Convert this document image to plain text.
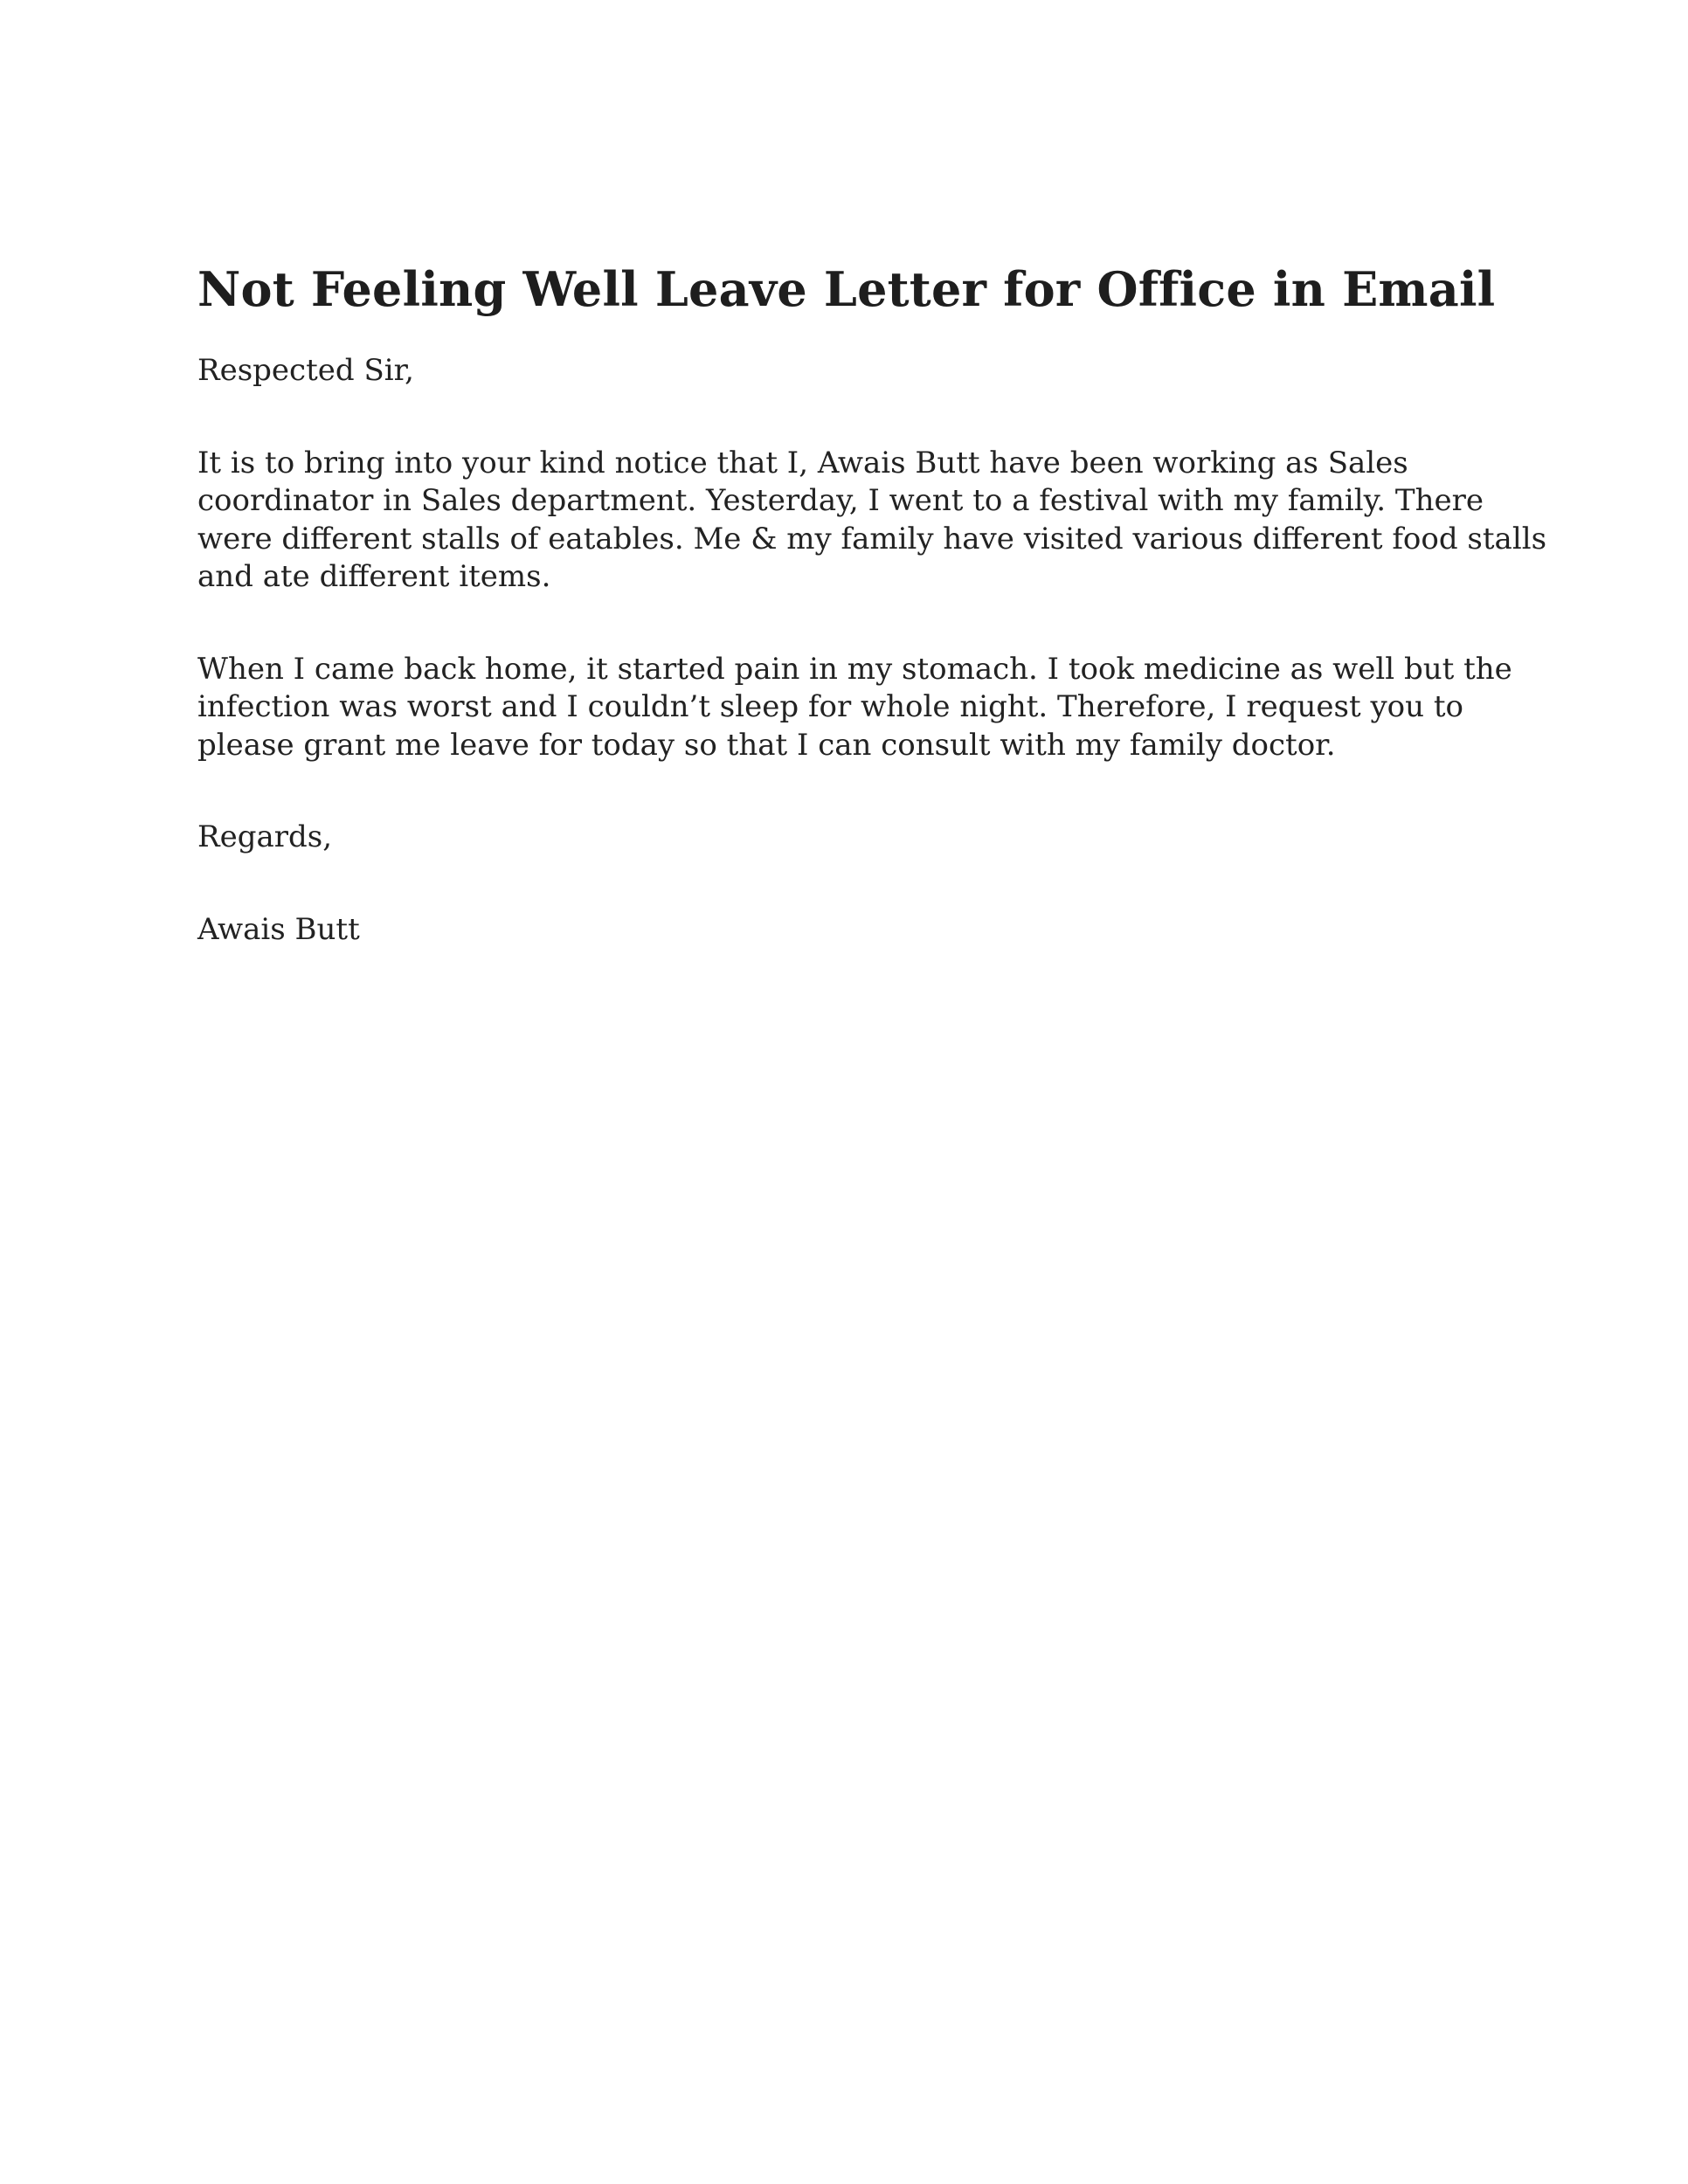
Not Feeling Well Leave Letter for Office in Email

Respected Sir,

It is to bring into your kind notice that I, Awais Butt have been working as Sales
coordinator in Sales department. Yesterday, I went to a festival with my family. There
were different stalls of eatables. Me & my family have visited various different food stalls
and ate different items.

When I came back home, it started pain in my stomach. I took medicine as well but the
infection was worst and I couldn’t sleep for whole night. Therefore, I request you to
please grant me leave for today so that I can consult with my family doctor.

Regards,

Awais Butt
